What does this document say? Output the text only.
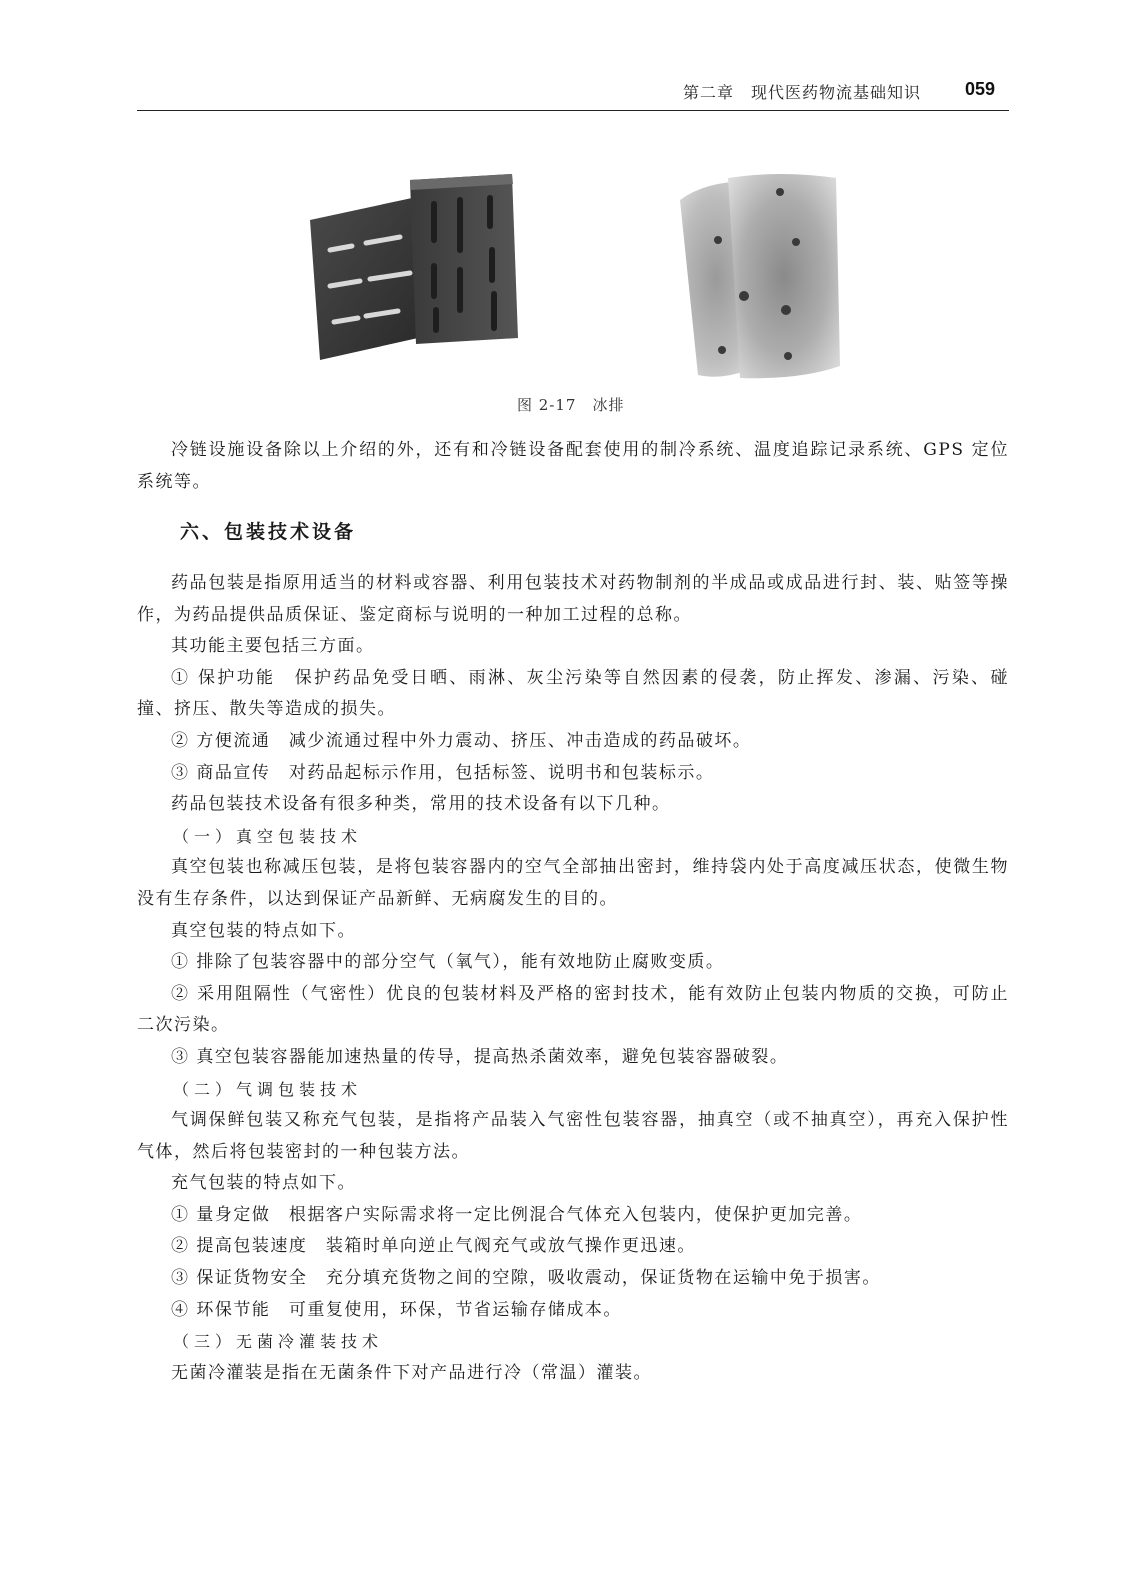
第二章　现代医药物流基础知识 059
图 2-17　冰排

冷链设施设备除以上介绍的外，还有和冷链设备配套使用的制冷系统、温度追踪记录系统、GPS 定位系统等。

六、包装技术设备

药品包装是指原用适当的材料或容器、利用包装技术对药物制剂的半成品或成品进行封、装、贴签等操作，为药品提供品质保证、鉴定商标与说明的一种加工过程的总称。

其功能主要包括三方面。

① 保护功能　保护药品免受日晒、雨淋、灰尘污染等自然因素的侵袭，防止挥发、渗漏、污染、碰撞、挤压、散失等造成的损失。

② 方便流通　减少流通过程中外力震动、挤压、冲击造成的药品破坏。

③ 商品宣传　对药品起标示作用，包括标签、说明书和包装标示。

药品包装技术设备有很多种类，常用的技术设备有以下几种。

（一）真空包装技术

真空包装也称减压包装，是将包装容器内的空气全部抽出密封，维持袋内处于高度减压状态，使微生物没有生存条件，以达到保证产品新鲜、无病腐发生的目的。

真空包装的特点如下。

① 排除了包装容器中的部分空气（氧气），能有效地防止腐败变质。

② 采用阻隔性（气密性）优良的包装材料及严格的密封技术，能有效防止包装内物质的交换，可防止二次污染。

③ 真空包装容器能加速热量的传导，提高热杀菌效率，避免包装容器破裂。

（二）气调包装技术

气调保鲜包装又称充气包装，是指将产品装入气密性包装容器，抽真空（或不抽真空），再充入保护性气体，然后将包装密封的一种包装方法。

充气包装的特点如下。

① 量身定做　根据客户实际需求将一定比例混合气体充入包装内，使保护更加完善。

② 提高包装速度　装箱时单向逆止气阀充气或放气操作更迅速。

③ 保证货物安全　充分填充货物之间的空隙，吸收震动，保证货物在运输中免于损害。

④ 环保节能　可重复使用，环保，节省运输存储成本。

（三）无菌冷灌装技术

无菌冷灌装是指在无菌条件下对产品进行冷（常温）灌装。
